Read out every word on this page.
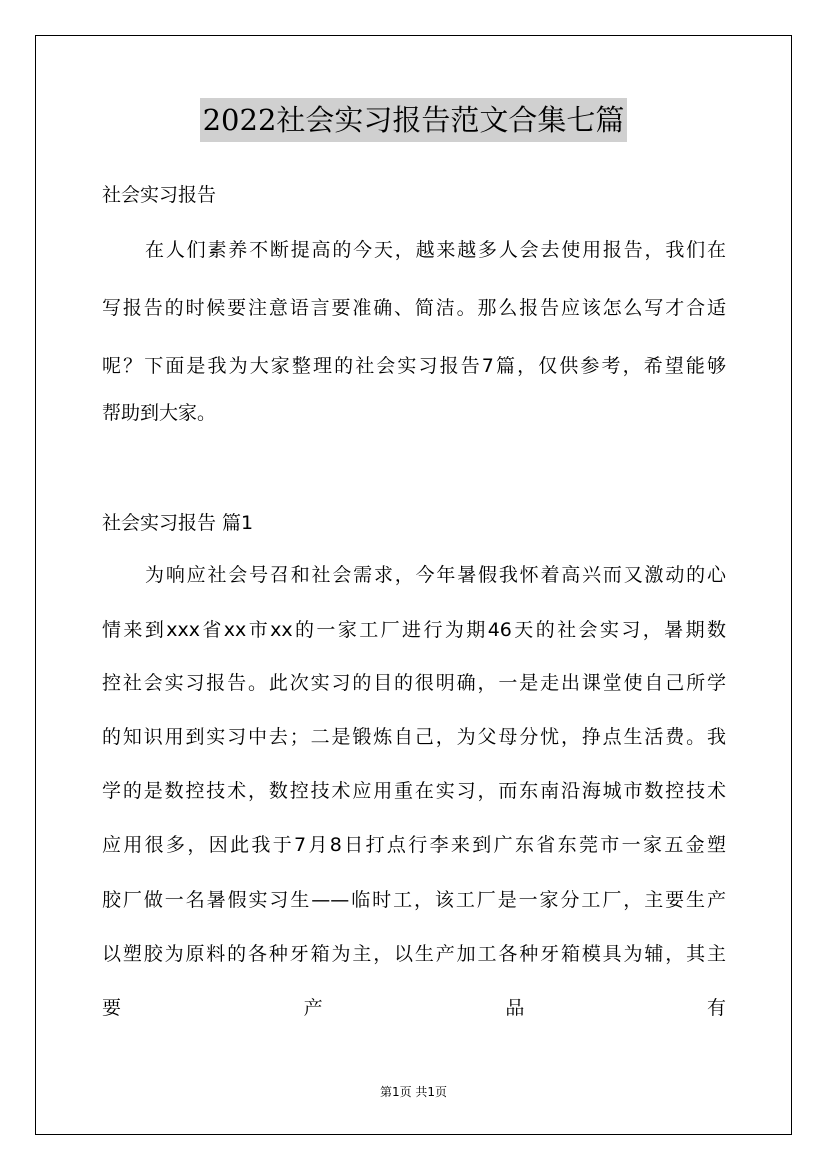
2022社会实习报告范文合集七篇
社会实习报告
在人们素养不断提高的今天，越来越多人会去使用报告，我们在
写报告的时候要注意语言要准确、简洁。那么报告应该怎么写才合适
呢？下面是我为大家整理的社会实习报告7篇，仅供参考，希望能够
帮助到大家。
社会实习报告 篇1
为响应社会号召和社会需求，今年暑假我怀着高兴而又激动的心
情来到xxx省xx市xx的一家工厂进行为期46天的社会实习，暑期数
控社会实习报告。此次实习的目的很明确，一是走出课堂使自己所学
的知识用到实习中去；二是锻炼自己，为父母分忧，挣点生活费。我
学的是数控技术，数控技术应用重在实习，而东南沿海城市数控技术
应用很多，因此我于7月8日打点行李来到广东省东莞市一家五金塑
胶厂做一名暑假实习生——临时工，该工厂是一家分工厂，主要生产
以塑胶为原料的各种牙箱为主，以生产加工各种牙箱模具为辅，其主
要	产	品	有
第1页 共1页
